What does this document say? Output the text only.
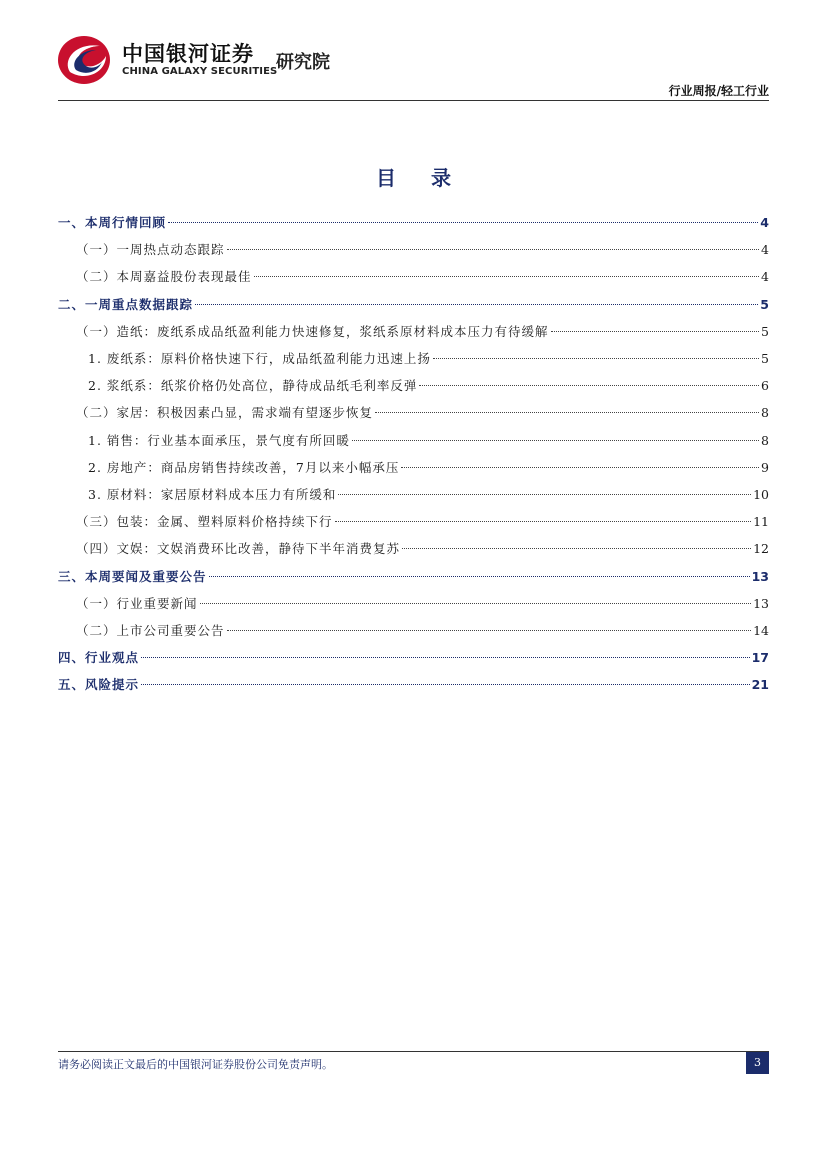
中国银河证券
CHINA GALAXY SECURITIES
研究院
行业周报/轻工行业
目 录
一、本周行情回顾	4
（一）一周热点动态跟踪	4
（二）本周嘉益股份表现最佳	4
二、一周重点数据跟踪	5
（一）造纸：废纸系成品纸盈利能力快速修复，浆纸系原材料成本压力有待缓解	5
1. 废纸系：原料价格快速下行，成品纸盈利能力迅速上扬	5
2. 浆纸系：纸浆价格仍处高位，静待成品纸毛利率反弹	6
（二）家居：积极因素凸显，需求端有望逐步恢复	8
1. 销售：行业基本面承压，景气度有所回暖	8
2. 房地产：商品房销售持续改善，7月以来小幅承压	9
3. 原材料：家居原材料成本压力有所缓和	10
（三）包装：金属、塑料原料价格持续下行	11
（四）文娱：文娱消费环比改善，静待下半年消费复苏	12
三、本周要闻及重要公告	13
（一）行业重要新闻	13
（二）上市公司重要公告	14
四、行业观点	17
五、风险提示	21
请务必阅读正文最后的中国银河证券股份公司免责声明。	3
